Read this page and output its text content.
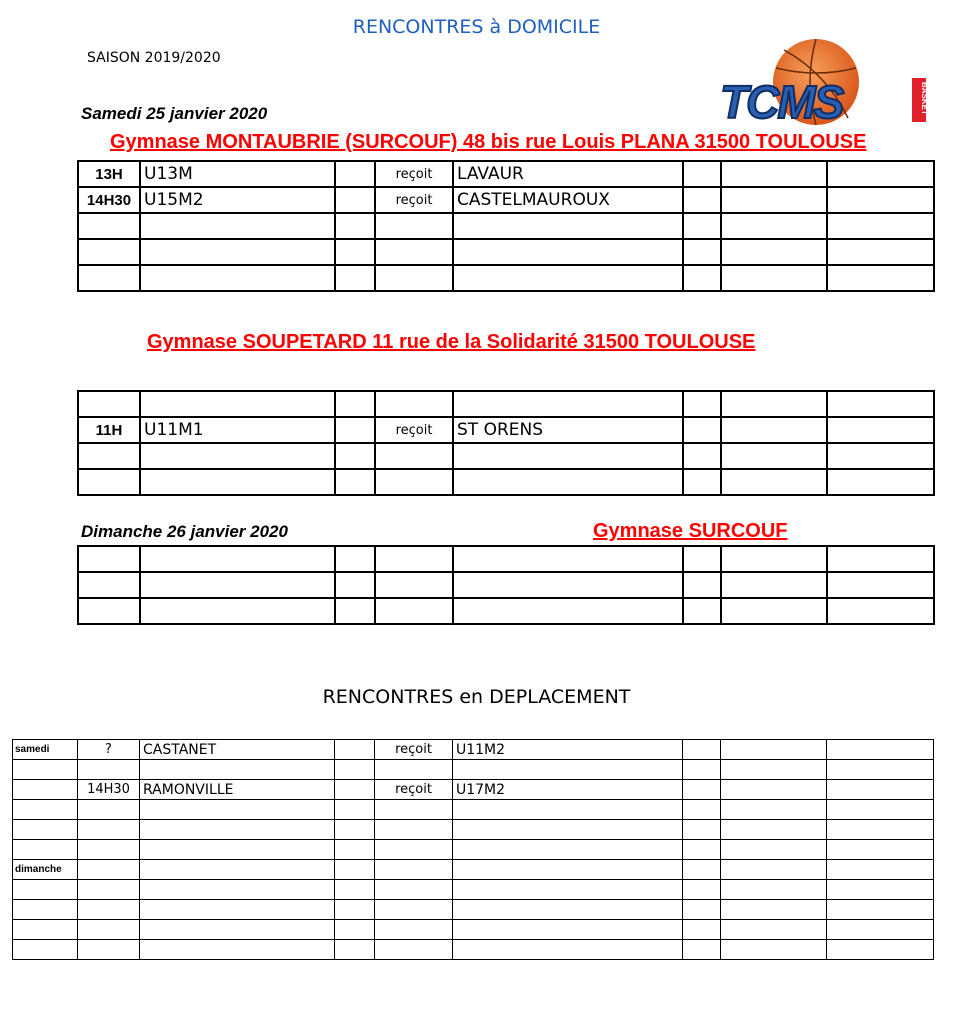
RENCONTRES à DOMICILE
SAISON 2019/2020
TCMS	BASKET
Samedi 25 janvier 2020
Gymnase MONTAUBRIE (SURCOUF) 48 bis rue Louis PLANA 31500 TOULOUSE
13H	U13M		reçoit	LAVAUR			
14H30	U15M2		reçoit	CASTELMAUROUX			

Gymnase SOUPETARD 11 rue de la Solidarité 31500 TOULOUSE

11H	U11M1		reçoit	ST ORENS			

Dimanche 26 janvier 2020	Gymnase SURCOUF

RENCONTRES en DEPLACEMENT
samedi	?	CASTANET		reçoit	U11M2			

	14H30	RAMONVILLE		reçoit	U17M2			

dimanche								
